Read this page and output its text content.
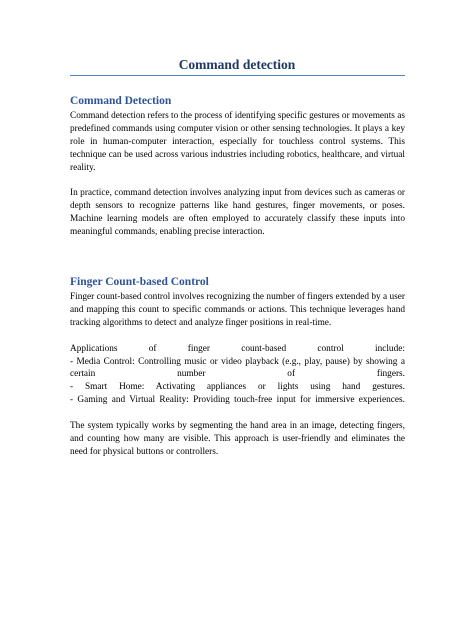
Command detection
Command Detection

Command detection refers to the process of identifying specific gestures or movements as predefined commands using computer vision or other sensing technologies. It plays a key role in human-computer interaction, especially for touchless control systems. This technique can be used across various industries including robotics, healthcare, and virtual reality.

In practice, command detection involves analyzing input from devices such as cameras or depth sensors to recognize patterns like hand gestures, finger movements, or poses. Machine learning models are often employed to accurately classify these inputs into meaningful commands, enabling precise interaction.

Finger Count-based Control

Finger count-based control involves recognizing the number of fingers extended by a user and mapping this count to specific commands or actions. This technique leverages hand tracking algorithms to detect and analyze finger positions in real-time.

Applications	of	finger	count-based	control	include:
- Media Control: Controlling music or video playback (e.g., play, pause) by showing a
certain	number	of	fingers.
- Smart Home: Activating appliances or lights using hand gestures.
- Gaming and Virtual Reality: Providing touch-free input for immersive experiences.

The system typically works by segmenting the hand area in an image, detecting fingers, and counting how many are visible. This approach is user-friendly and eliminates the need for physical buttons or controllers.
